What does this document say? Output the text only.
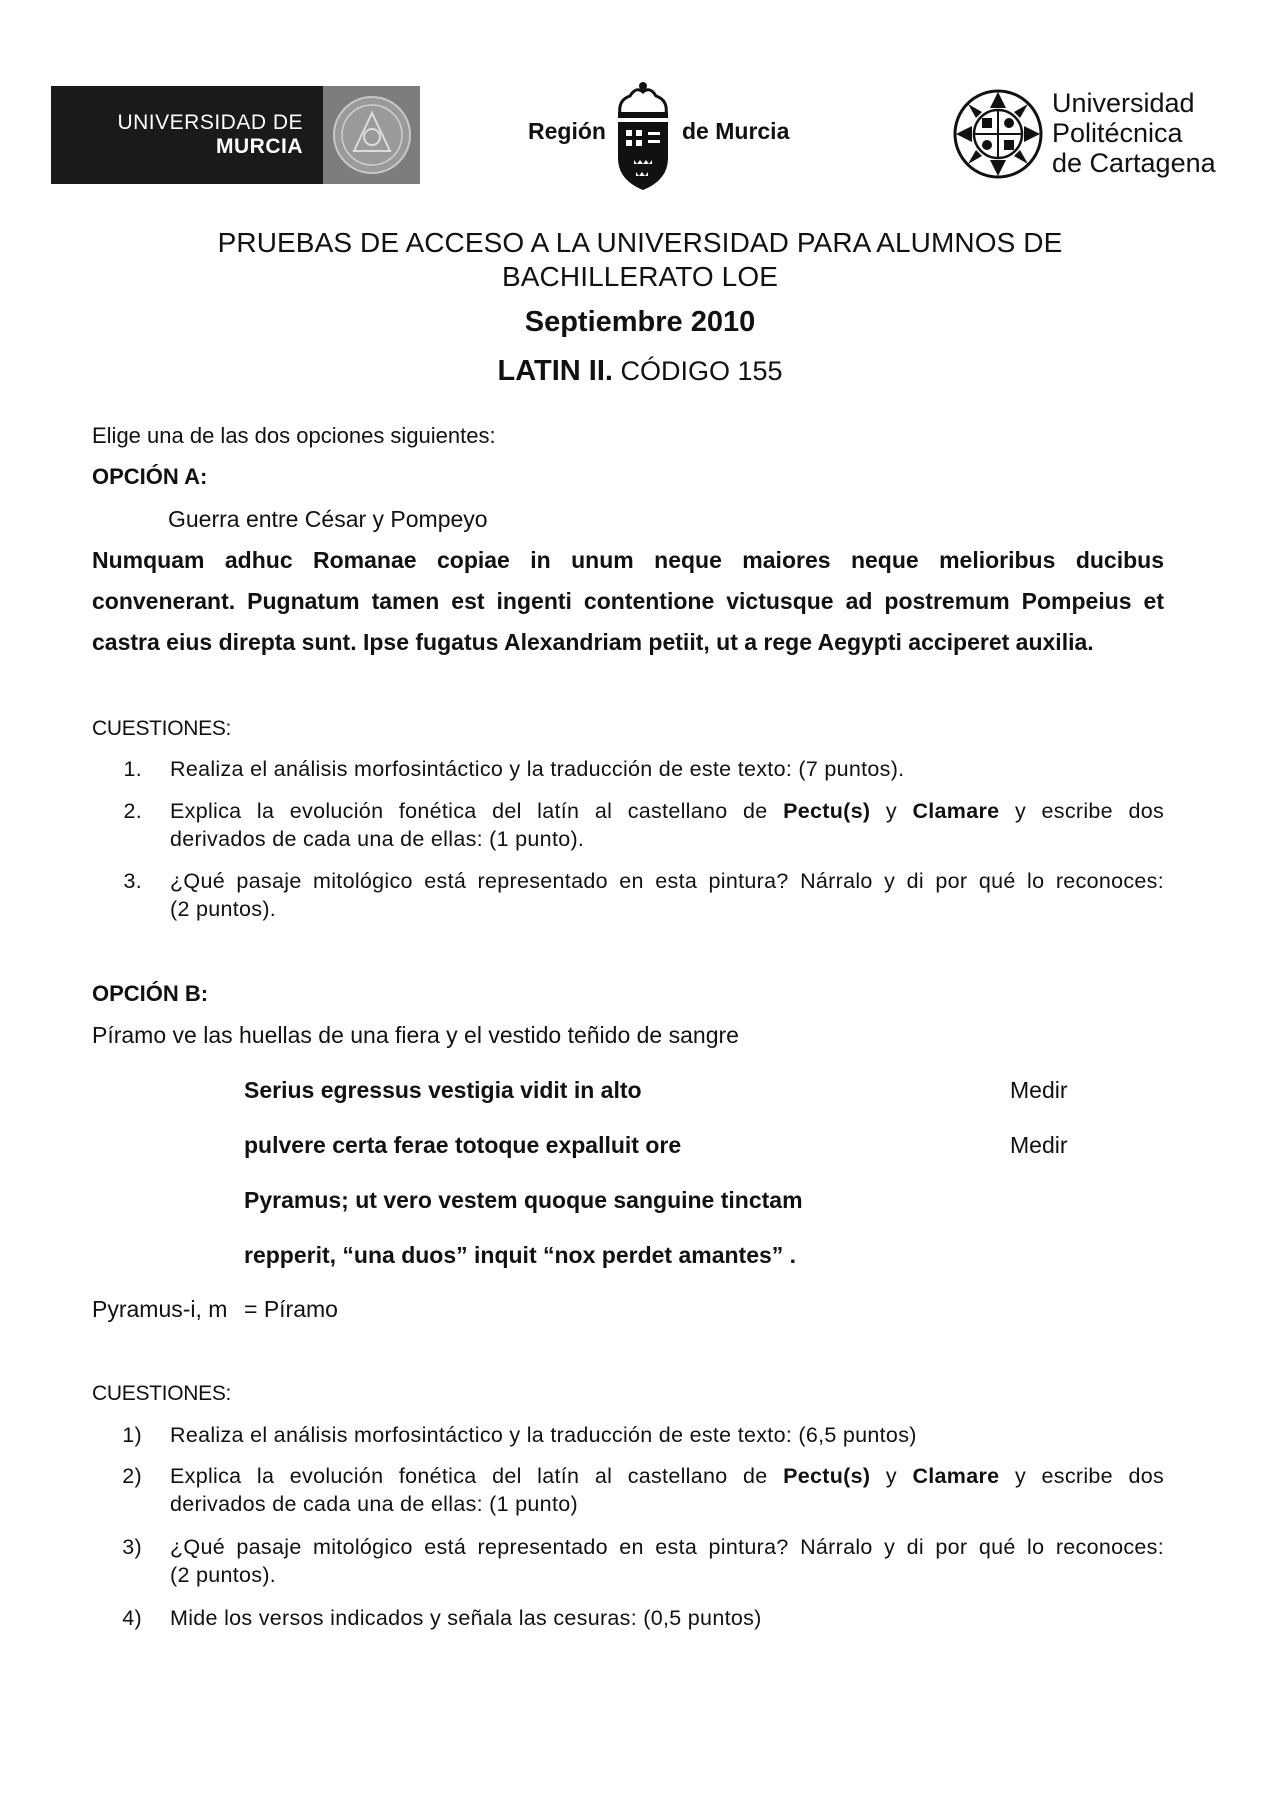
UNIVERSIDAD DE
MURCIA
Región	de Murcia
Universidad
Politécnica
de Cartagena
PRUEBAS DE ACCESO A LA UNIVERSIDAD PARA ALUMNOS DE
BACHILLERATO LOE
Septiembre 2010
LATIN II. CÓDIGO 155
Elige una de las dos opciones siguientes:
OPCIÓN A:
Guerra entre César y Pompeyo
Numquam adhuc Romanae copiae in unum neque maiores neque melioribus ducibus
convenerant. Pugnatum tamen est ingenti contentione victusque ad postremum Pompeius et
castra eius direpta sunt. Ipse fugatus Alexandriam petiit, ut a rege Aegypti acciperet auxilia.
CUESTIONES:
1. Realiza el análisis morfosintáctico y la traducción de este texto: (7 puntos).
2. Explica la evolución fonética del latín al castellano de Pectu(s) y Clamare y escribe dos
derivados de cada una de ellas: (1 punto).
3. ¿Qué pasaje mitológico está representado en esta pintura? Nárralo y di por qué lo reconoces:
(2 puntos).
OPCIÓN B:
Píramo ve las huellas de una fiera y el vestido teñido de sangre
Serius egressus vestigia vidit in alto	Medir
pulvere certa ferae totoque expalluit ore	Medir
Pyramus; ut vero vestem quoque sanguine tinctam
repperit, “una duos” inquit “nox perdet amantes” .
Pyramus-i, m = Píramo
CUESTIONES:
1) Realiza el análisis morfosintáctico y la traducción de este texto: (6,5 puntos)
2) Explica la evolución fonética del latín al castellano de Pectu(s) y Clamare y escribe dos
derivados de cada una de ellas: (1 punto)
3) ¿Qué pasaje mitológico está representado en esta pintura? Nárralo y di por qué lo reconoces:
(2 puntos).
4) Mide los versos indicados y señala las cesuras: (0,5 puntos)
